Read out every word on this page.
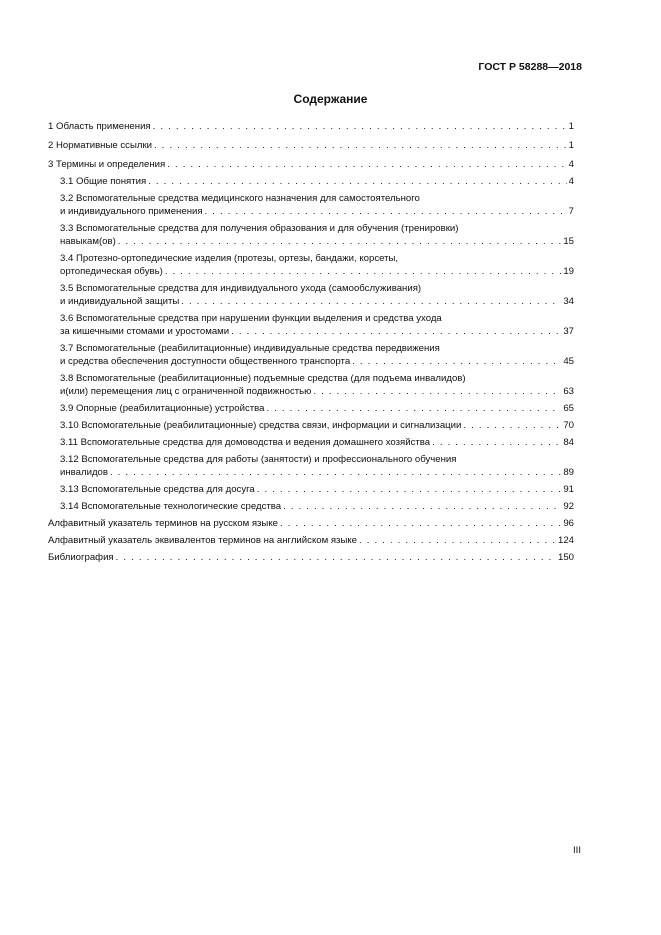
ГОСТ Р 58288—2018
Содержание
1 Область применения . . .	1
2 Нормативные ссылки . . .	1
3 Термины и определения . . .	4
3.1 Общие понятия . . .	4
3.2 Вспомогательные средства медицинского назначения для самостоятельного
и индивидуального применения . . .	7
3.3 Вспомогательные средства для получения образования и для обучения (тренировки)
навыкам(ов) . . .	15
3.4 Протезно-ортопедические изделия (протезы, ортезы, бандажи, корсеты,
ортопедическая обувь) . . .	19
3.5 Вспомогательные средства для индивидуального ухода (самообслуживания)
и индивидуальной защиты . . .	34
3.6 Вспомогательные средства при нарушении функции выделения и средства ухода
за кишечными стомами и уростомами . . .	37
3.7 Вспомогательные (реабилитационные) индивидуальные средства передвижения
и средства обеспечения доступности общественного транспорта . . .	45
3.8 Вспомогательные (реабилитационные) подъемные средства (для подъема инвалидов)
и(или) перемещения лиц с ограниченной подвижностью . . .	63
3.9 Опорные (реабилитационные) устройства . . .	65
3.10 Вспомогательные (реабилитационные) средства связи, информации и сигнализации . . .	70
3.11 Вспомогательные средства для домоводства и ведения домашнего хозяйства . . .	84
3.12 Вспомогательные средства для работы (занятости) и профессионального обучения
инвалидов . . .	89
3.13 Вспомогательные средства для досуга . . .	91
3.14 Вспомогательные технологические средства . . .	92
Алфавитный указатель терминов на русском языке . . .	96
Алфавитный указатель эквивалентов терминов на английском языке . . .	124
Библиография . . .	150
III
